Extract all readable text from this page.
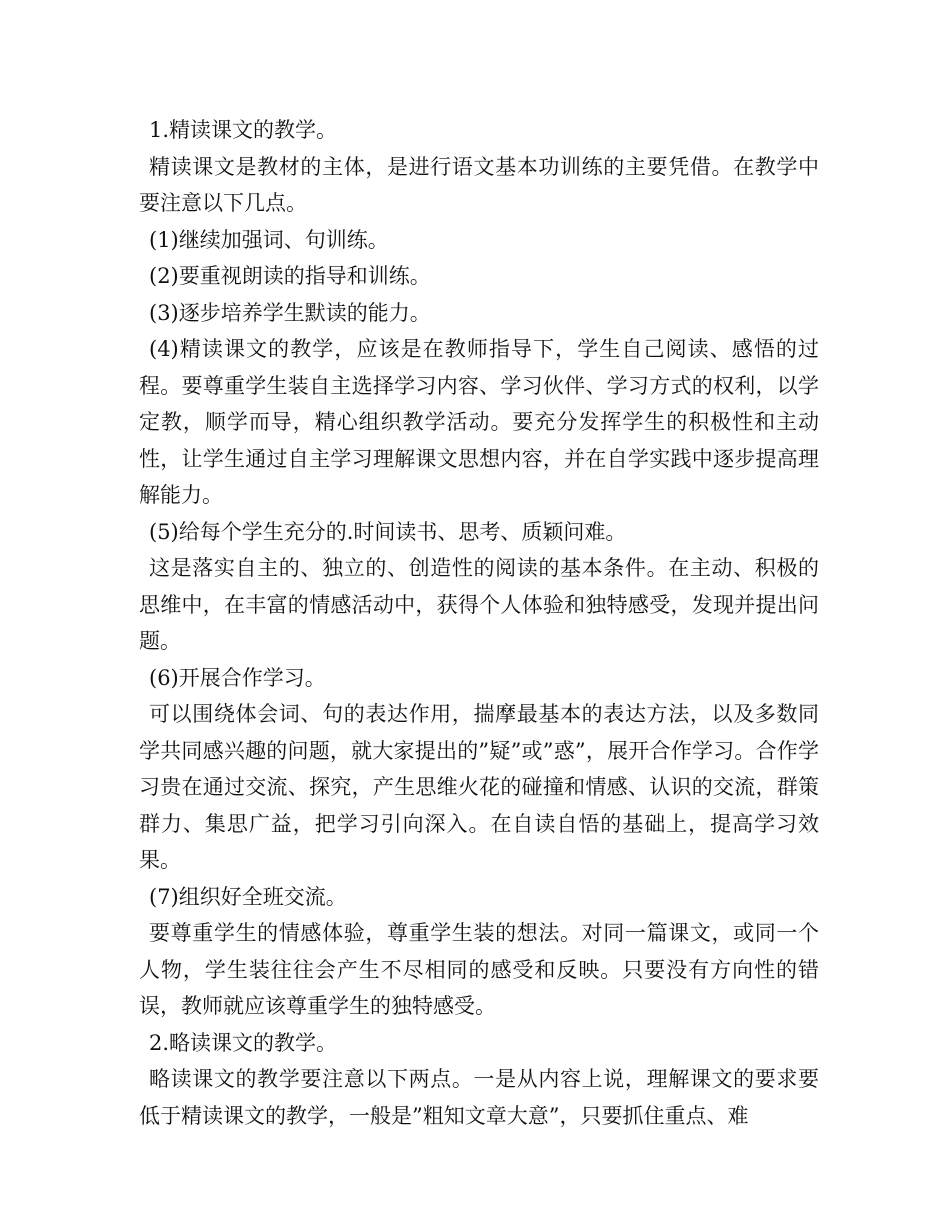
1.精读课文的教学。

精读课文是教材的主体，是进行语文基本功训练的主要凭借。在教学中要注意以下几点。

(1)继续加强词、句训练。

(2)要重视朗读的指导和训练。

(3)逐步培养学生默读的能力。

(4)精读课文的教学，应该是在教师指导下，学生自己阅读、感悟的过程。要尊重学生装自主选择学习内容、学习伙伴、学习方式的权利，以学定教，顺学而导，精心组织教学活动。要充分发挥学生的积极性和主动性，让学生通过自主学习理解课文思想内容，并在自学实践中逐步提高理解能力。

(5)给每个学生充分的.时间读书、思考、质颖问难。

这是落实自主的、独立的、创造性的阅读的基本条件。在主动、积极的思维中，在丰富的情感活动中，获得个人体验和独特感受，发现并提出问题。

(6)开展合作学习。

可以围绕体会词、句的表达作用，揣摩最基本的表达方法，以及多数同学共同感兴趣的问题，就大家提出的”疑”或”惑”，展开合作学习。合作学习贵在通过交流、探究，产生思维火花的碰撞和情感、认识的交流，群策群力、集思广益，把学习引向深入。在自读自悟的基础上，提高学习效果。

(7)组织好全班交流。

要尊重学生的情感体验，尊重学生装的想法。对同一篇课文，或同一个人物，学生装往往会产生不尽相同的感受和反映。只要没有方向性的错误，教师就应该尊重学生的独特感受。

2.略读课文的教学。

略读课文的教学要注意以下两点。一是从内容上说，理解课文的要求要低于精读课文的教学，一般是”粗知文章大意”，只要抓住重点、难
